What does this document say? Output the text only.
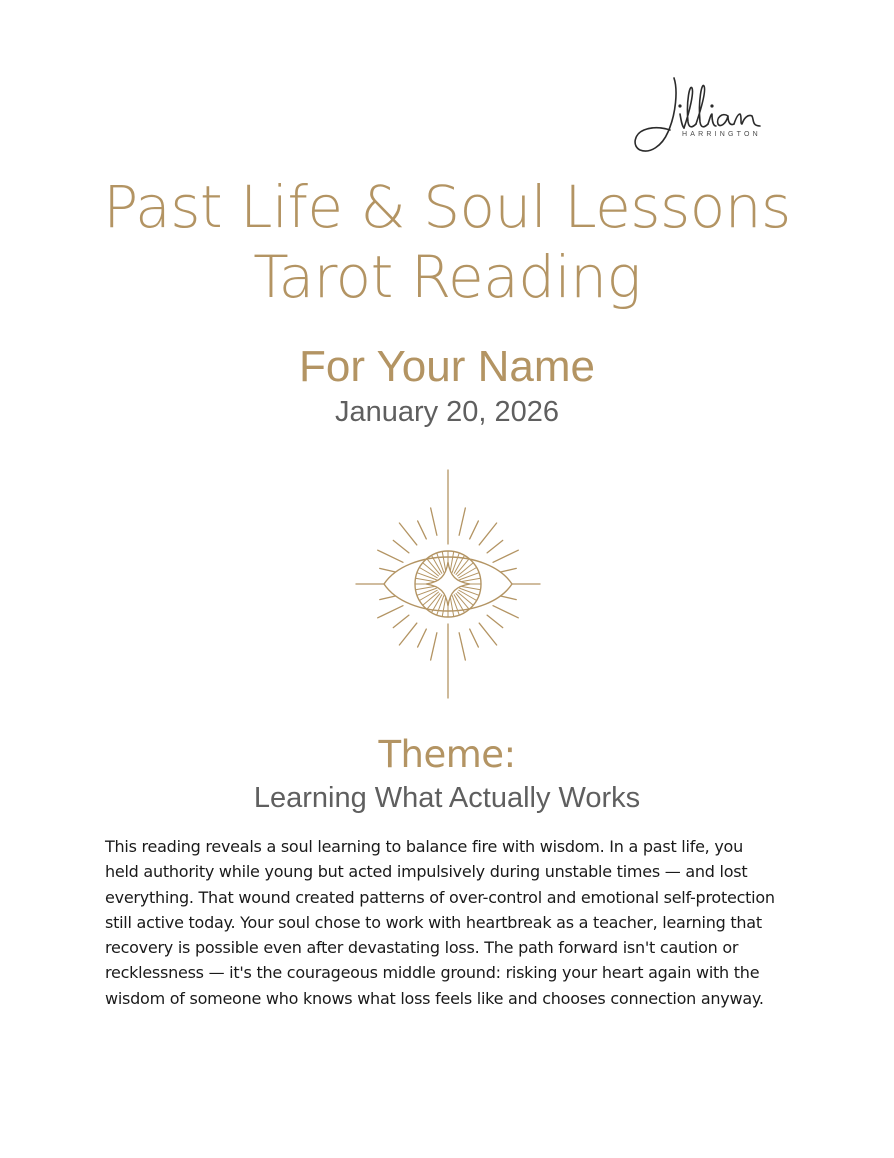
HARRINGTON
Past Life & Soul Lessons
Tarot Reading
For Your Name
January 20, 2026
Theme:
Learning What Actually Works

This reading reveals a soul learning to balance fire with wisdom. In a past life, you held authority while young but acted impulsively during unstable times — and lost everything. That wound created patterns of over-control and emotional self-protection still active today. Your soul chose to work with heartbreak as a teacher, learning that recovery is possible even after devastating loss. The path forward isn't caution or recklessness — it's the courageous middle ground: risking your heart again with the wisdom of someone who knows what loss feels like and chooses connection anyway.
